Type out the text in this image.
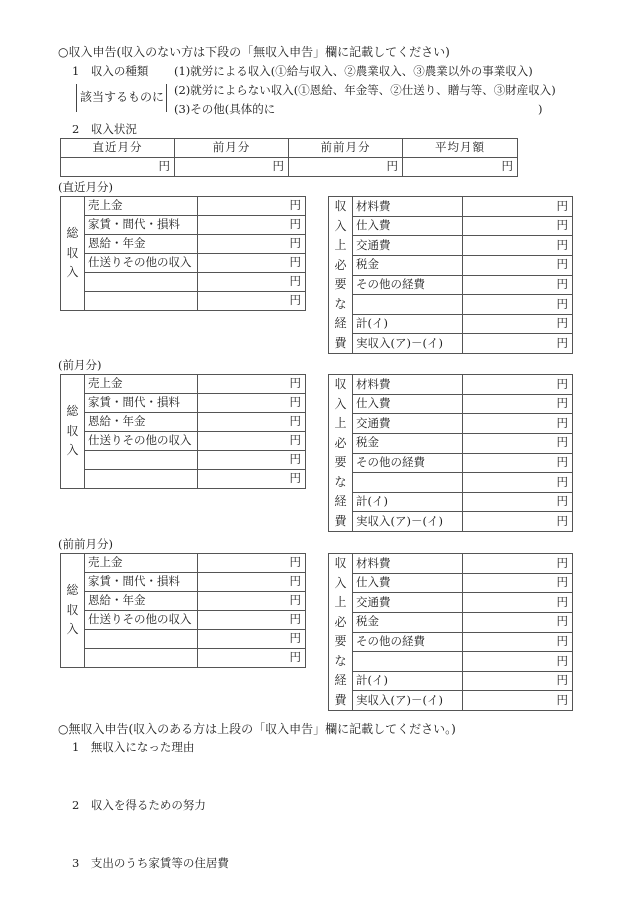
○収入申告(収入のない方は下段の「無収入申告」欄に記載してください)
1　収入の種類 (1)就労による収入(①給与収入、②農業収入、③農業以外の事業収入)
該当するものに (2)就労によらない収入(①恩給、年金等、②仕送り、贈与等、③財産収入)
(3)その他(具体的に	)
2　収入状況
直近月分	前月分	前前月分	平均月額
円	円	円	円
(直近月分)
総収入	売上金	円
	家賃・間代・損料	円
	恩給・年金	円
	仕送りその他の収入	円
		円
		円
収入上必要な経費	材料費	円
	仕入費	円
	交通費	円
	税金	円
	その他の経費	円
		円
	計(イ)	円
	実収入(ア)－(イ)	円
(前月分)
総収入	売上金	円
	家賃・間代・損料	円
	恩給・年金	円
	仕送りその他の収入	円
		円
		円
収入上必要な経費	材料費	円
	仕入費	円
	交通費	円
	税金	円
	その他の経費	円
		円
	計(イ)	円
	実収入(ア)－(イ)	円
(前前月分)
総収入	売上金	円
	家賃・間代・損料	円
	恩給・年金	円
	仕送りその他の収入	円
		円
		円
収入上必要な経費	材料費	円
	仕入費	円
	交通費	円
	税金	円
	その他の経費	円
		円
	計(イ)	円
	実収入(ア)－(イ)	円
○無収入申告(収入のある方は上段の「収入申告」欄に記載してください。)
1　無収入になった理由
2　収入を得るための努力
3　支出のうち家賃等の住居費
